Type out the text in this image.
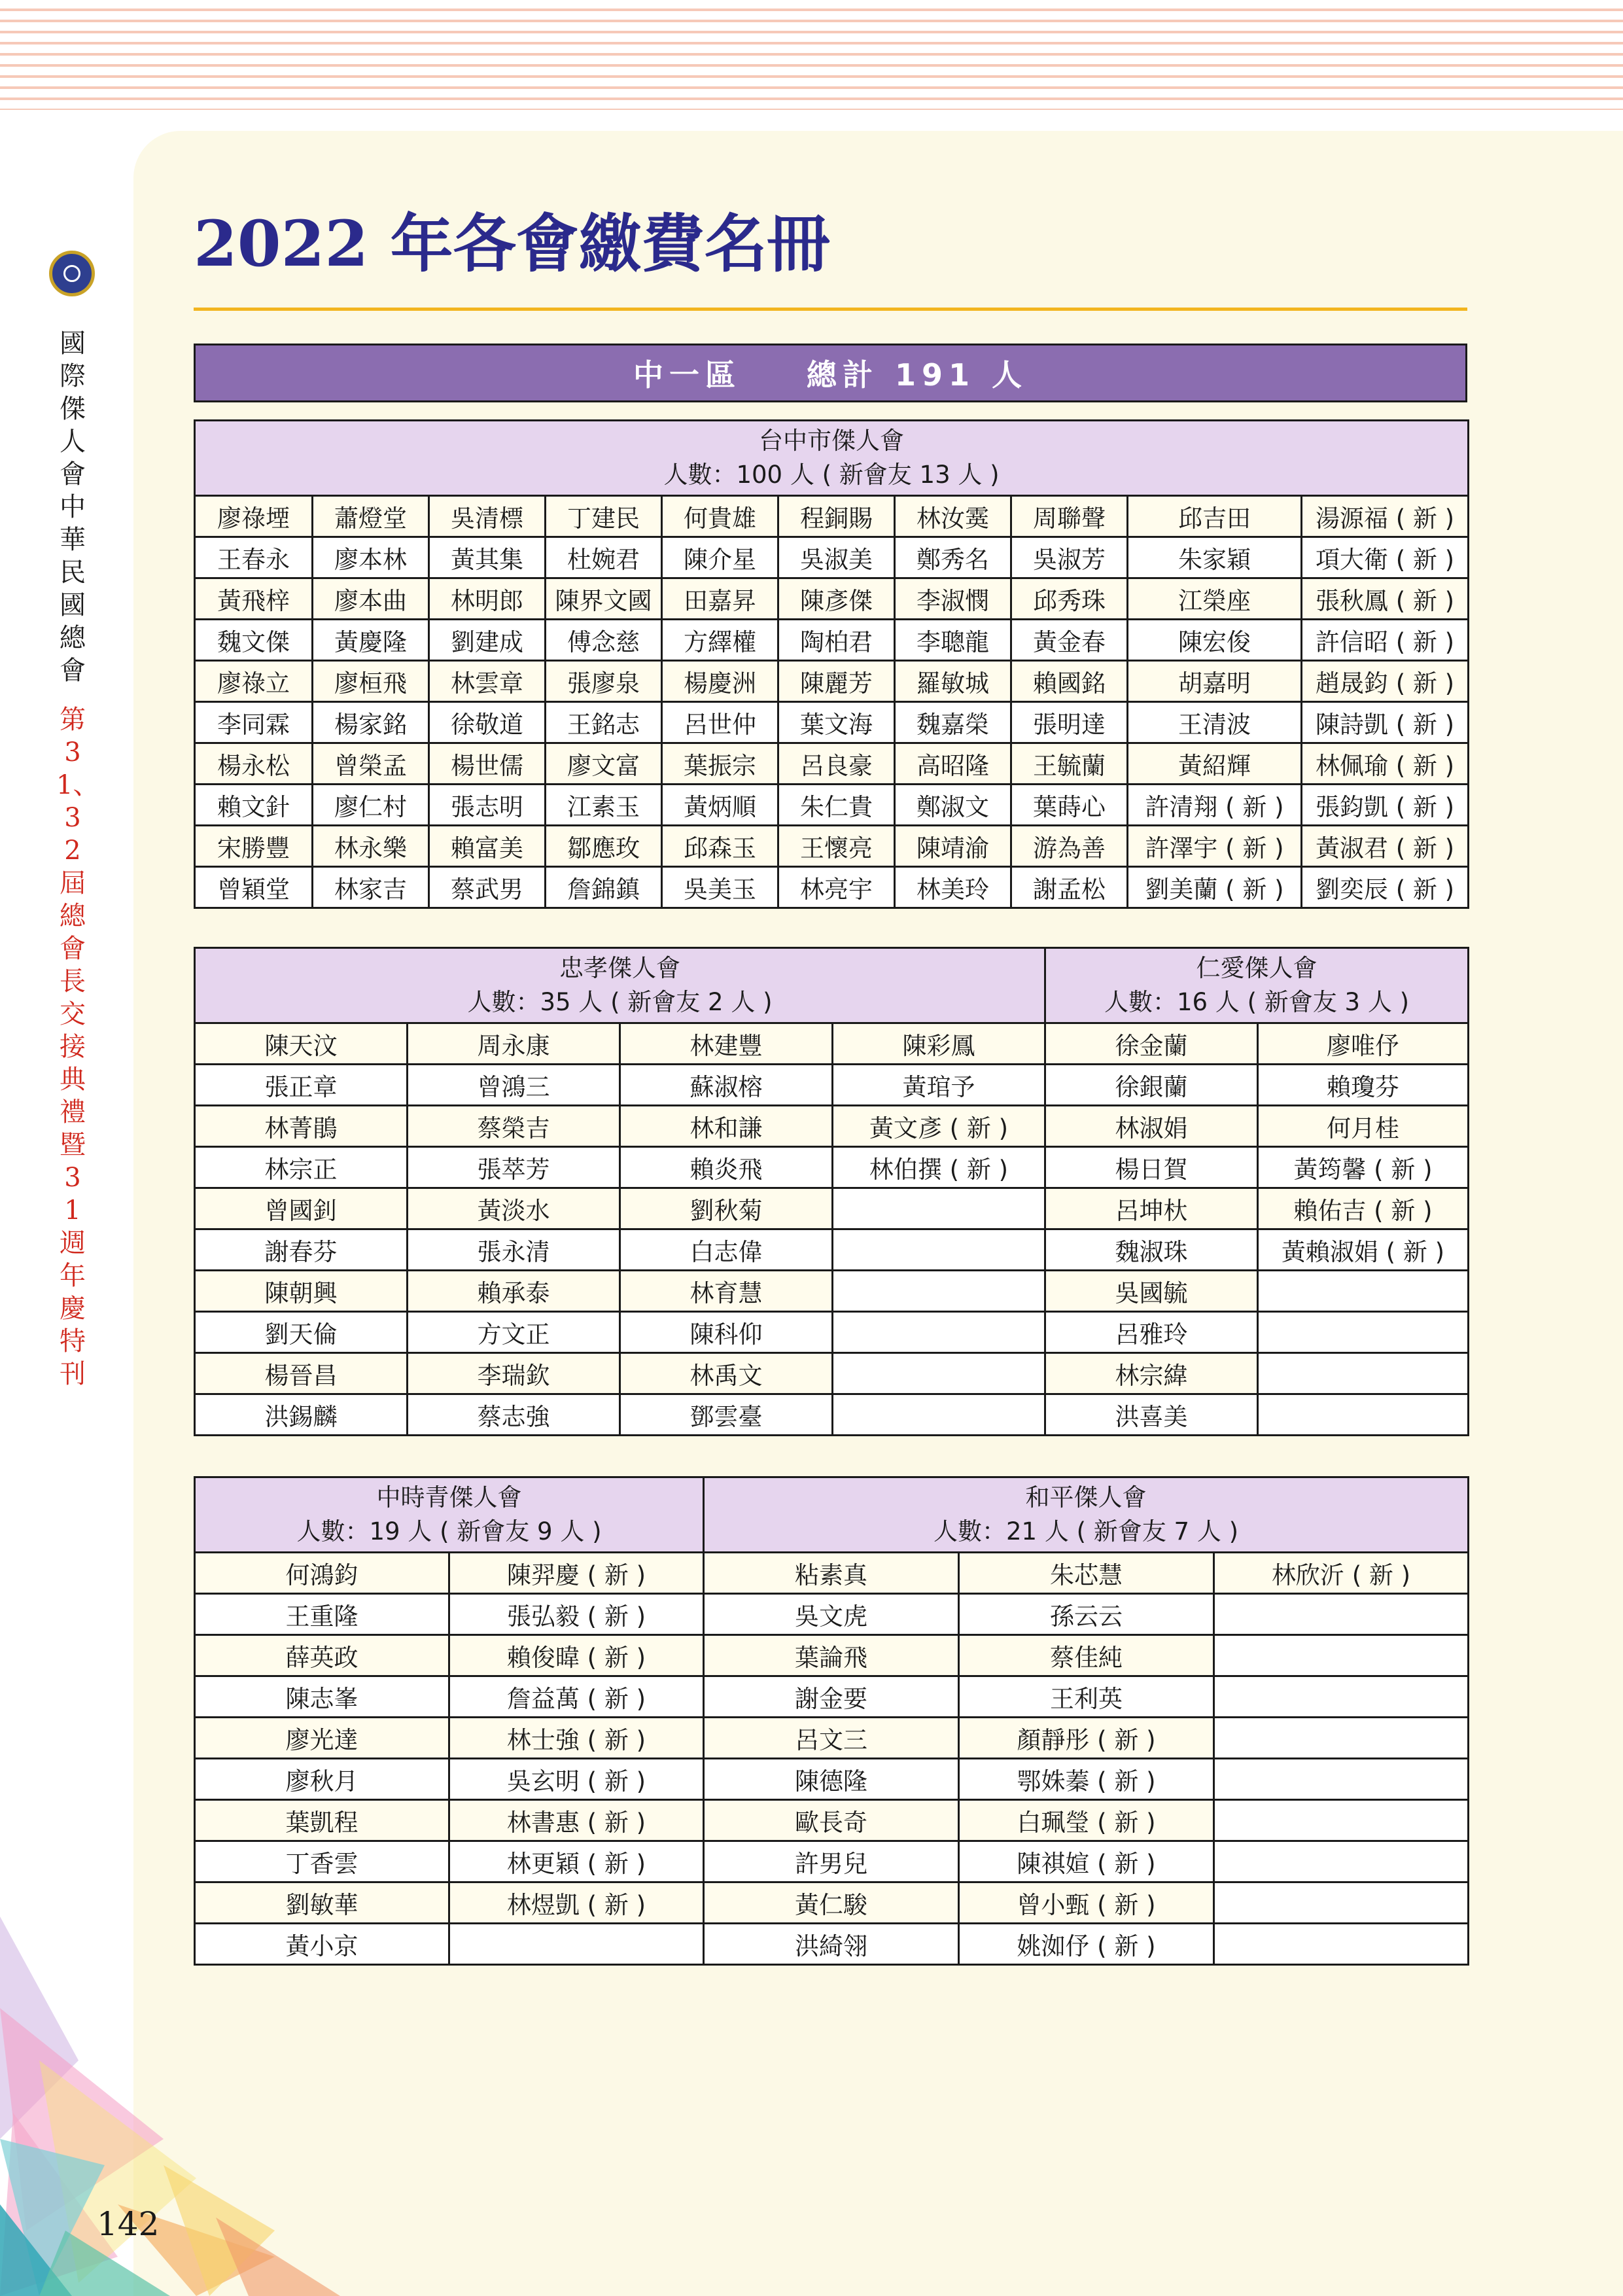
國際傑人會中華民國總會
第31、32屆總會長交接典禮暨31週年慶特刊
142
2022 年各會繳費名冊
中一區
總計 191 人
台中市傑人會
人數：100 人 ( 新會友 13 人 )									

廖祿堙	蕭燈堂	吳清標	丁建民	何貴雄	程銅賜	林汝霙	周聯聲	邱吉田	湯源福 ( 新 )
王春永	廖本林	黃其集	杜婉君	陳介星	吳淑美	鄭秀名	吳淑芳	朱家穎	項大衛 ( 新 )
黃飛梓	廖本曲	林明郎	陳界文國	田嘉昇	陳彥傑	李淑憫	邱秀珠	江榮座	張秋鳳 ( 新 )
魏文傑	黃慶隆	劉建成	傅念慈	方繹權	陶柏君	李聰龍	黃金春	陳宏俊	許信昭 ( 新 )
廖祿立	廖桓飛	林雲章	張廖泉	楊慶洲	陳麗芳	羅敏城	賴國銘	胡嘉明	趙晟鈞 ( 新 )
李同霖	楊家銘	徐敬道	王銘志	呂世仲	葉文海	魏嘉榮	張明達	王清波	陳詩凱 ( 新 )
楊永松	曾榮孟	楊世儒	廖文富	葉振宗	呂良豪	高昭隆	王毓蘭	黃紹輝	林佩瑜 ( 新 )
賴文針	廖仁村	張志明	江素玉	黃炳順	朱仁貴	鄭淑文	葉蒔心	許清翔 ( 新 )	張鈞凱 ( 新 )
宋勝豐	林永樂	賴富美	鄒應玫	邱森玉	王懷亮	陳靖渝	游為善	許澤宇 ( 新 )	黃淑君 ( 新 )
曾穎堂	林家吉	蔡武男	詹錦鎮	吳美玉	林亮宇	林美玲	謝孟松	劉美蘭 ( 新 )	劉奕辰 ( 新 )
忠孝傑人會
人數：35 人 ( 新會友 2 人 )				仁愛傑人會
人數：16 人 ( 新會友 3 人 )	

陳天汶	周永康	林建豐	陳彩鳳	徐金蘭	廖唯伃
張正章	曾鴻三	蘇淑榕	黃琯予	徐銀蘭	賴瓊芬
林菁鵑	蔡榮吉	林和謙	黃文彥 ( 新 )	林淑娟	何月桂
林宗正	張萃芳	賴炎飛	林伯撰 ( 新 )	楊日賀	黃筠馨 ( 新 )
曾國釗	黃淡水	劉秋菊		呂坤杕	賴佑吉 ( 新 )
謝春芬	張永清	白志偉		魏淑珠	黃賴淑娟 ( 新 )
陳朝興	賴承泰	林育慧		吳國毓	
劉天倫	方文正	陳科仰		呂雅玲	
楊晉昌	李瑞欽	林禹文		林宗緯	
洪錫麟	蔡志強	鄧雲臺		洪喜美	
中時青傑人會
人數：19 人 ( 新會友 9 人 )		和平傑人會
人數：21 人 ( 新會友 7 人 )		

何鴻鈞	陳羿慶 ( 新 )	粘素真	朱芯慧	林欣沂 ( 新 )
王重隆	張弘毅 ( 新 )	吳文虎	孫云云	
薛英政	賴俊暐 ( 新 )	葉論飛	蔡佳純	
陳志峯	詹益萬 ( 新 )	謝金要	王利英	
廖光達	林士強 ( 新 )	呂文三	顏靜彤 ( 新 )	
廖秋月	吳玄明 ( 新 )	陳德隆	鄂姝蓁 ( 新 )	
葉凱程	林書惠 ( 新 )	歐長奇	白珮瑩 ( 新 )	
丁香雲	林更穎 ( 新 )	許男兒	陳祺媗 ( 新 )	
劉敏華	林煜凱 ( 新 )	黃仁駿	曾小甄 ( 新 )	
黃小京		洪綺翎	姚洳伃 ( 新 )	
